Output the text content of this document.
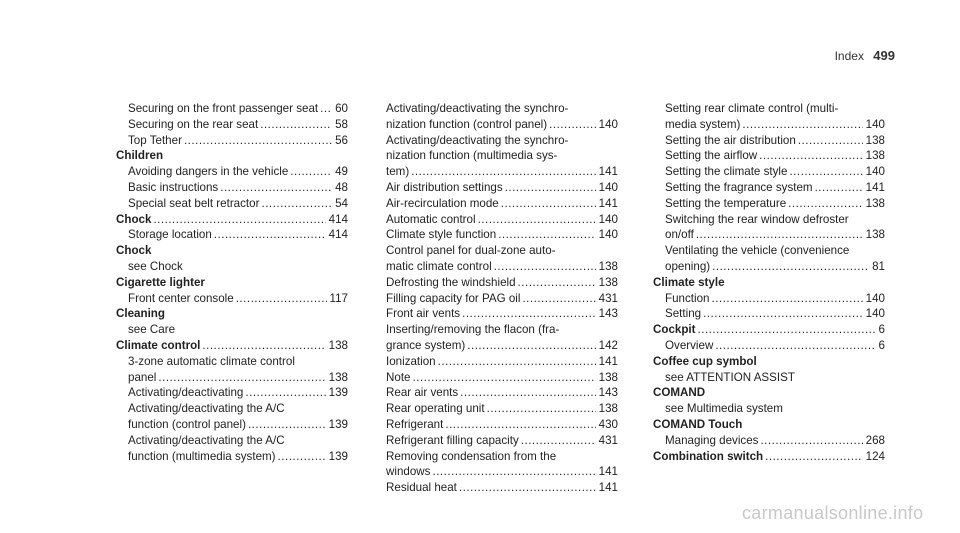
Index 499
Securing on the front passenger seat ..... 60
Securing on the rear seat .....	58
Top Tether .....	56
Children
Avoiding dangers in the vehicle .....	49
Basic instructions .....	48
Special seat belt retractor .....	54
Chock .....	414
Storage location .....	414
Chock
see Chock
Cigarette lighter
Front center console .....	117
Cleaning
see Care
Climate control .....	138
3-zone automatic climate control
panel .....	138
Activating/deactivating .....	139
Activating/deactivating the A/C
function (control panel) .....	139
Activating/deactivating the A/C
function (multimedia system) .....	139
Activating/deactivating the synchro-
nization function (control panel) .....	140
Activating/deactivating the synchro-
nization function (multimedia sys-
tem) .....	141
Air distribution settings .....	140
Air-recirculation mode .....	141
Automatic control .....	140
Climate style function .....	140
Control panel for dual-zone auto-
matic climate control .....	138
Defrosting the windshield .....	138
Filling capacity for PAG oil .....	431
Front air vents .....	143
Inserting/removing the flacon (fra-
grance system) .....	142
Ionization .....	141
Note .....	138
Rear air vents .....	143
Rear operating unit .....	138
Refrigerant .....	430
Refrigerant filling capacity .....	431
Removing condensation from the
windows .....	141
Residual heat .....	141
Setting rear climate control (multi-
media system) .....	140
Setting the air distribution .....	138
Setting the airflow .....	138
Setting the climate style .....	140
Setting the fragrance system .....	141
Setting the temperature .....	138
Switching the rear window defroster
on/off .....	138
Ventilating the vehicle (convenience
opening) .....	81
Climate style
Function .....	140
Setting .....	140
Cockpit .....	6
Overview .....	6
Coffee cup symbol
see ATTENTION ASSIST
COMAND
see Multimedia system
COMAND Touch
Managing devices .....	268
Combination switch .....	124
carmanualsonline.info
